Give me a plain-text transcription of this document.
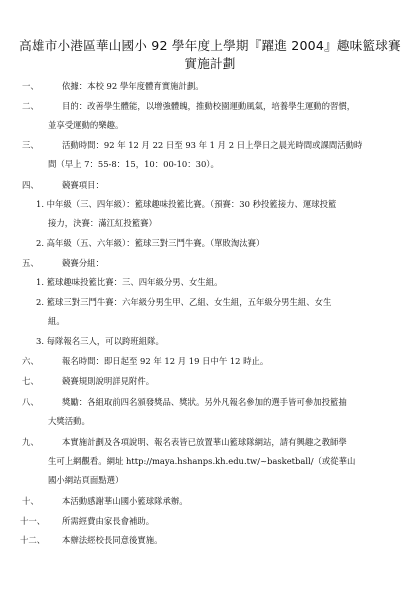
高雄市小港區華山國小 92 學年度上學期『躍進 2004』趣味籃球賽
實施計劃
一、	依據：本校 92 學年度體育實施計劃。
二、	目的：改善學生體能，以增強體魄，推動校園運動風氣，培養學生運動的習慣，
並享受運動的樂趣。
三、	活動時間：92 年 12 月 22 日至 93 年 1 月 2 日上學日之晨光時間或課間活動時
間（早上 7：55-8：15，10：00-10：30）。
四、	競賽項目：
1. 中年級（三、四年級）：籃球趣味投籃比賽。（預賽：30 秒投籃接力、運球投籃
接力，決賽：滿江紅投籃賽）
2. 高年級（五、六年級）：籃球三對三鬥牛賽。（單敗淘汰賽）
五、	競賽分組：
1. 籃球趣味投籃比賽：三、四年級分男、女生組。
2. 籃球三對三鬥牛賽：六年級分男生甲、乙組、女生組，五年級分男生組、女生
組。
3. 每隊報名三人，可以跨班組隊。
六、	報名時間：即日起至 92 年 12 月 19 日中午 12 時止。
七、	競賽規則說明詳見附件。
八、	獎勵：各組取前四名頒發獎品、獎狀。另外凡報名參加的選手皆可參加投籃抽
大獎活動。
九、	本實施計劃及各項說明、報名表皆已放置華山籃球隊網站，請有興趣之教師學
生可上網觀看。網址 http://maya.hshanps.kh.edu.tw/~basketball/（或從華山
國小網站頁面點選）
十、	本活動感謝華山國小籃球隊承辦。
十一、 所需經費由家長會補助。
十二、 本辦法經校長同意後實施。
